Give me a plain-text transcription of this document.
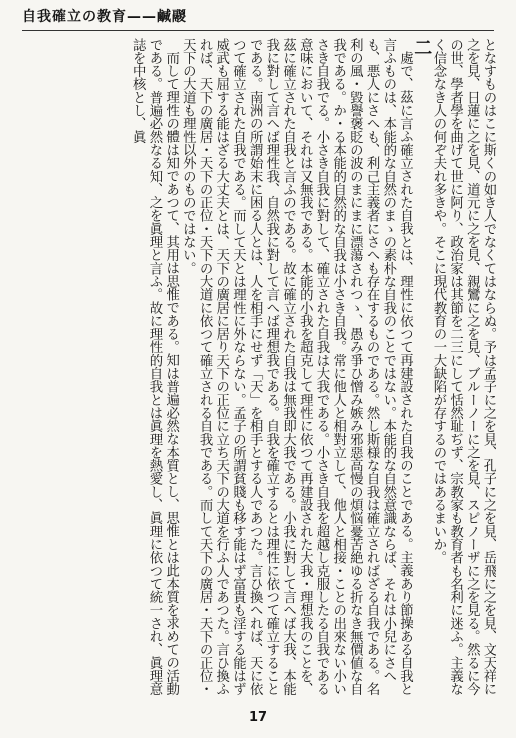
自我確立の教育——鹹鬷

となすものはこに斯くの如き人でなくてはならぬ。予は孟子に之を見、孔子に之を見、岳飛に之を見、文天祥に之を見、日蓮に之を見、道元に之を見、親鸞に之を見、ブルーノーに之を見、スピノーザに之を見る。然るに今の世、學者學を曲げて世に阿り、政治家は其節を二三にして恬然耻ぢず、宗教家も教育者も名利に迷ふ。主義なく信念なき人の何ぞ夫れ多きや。そこに現代教育の一大缺陷が存するのではあるまいか。

二

處で、茲に言ふ確立された自我とは、理性に依つて再建設された自我のことである。主義あり節操ある自我と言ふものは、本能的な自然のまゝの素朴な自我のことではない。本能的な自然意識ならば、それは小兒にさへも、悪人にさへも、利己主義者にさへも存在するものである。然し斯様な自我は確立さればざる自我である。名利の風・毀譽褒貶の波のまにまに漂蕩されつゝ、愚み爭ひ憎み嫉み邪惡高慢の煩悩憂苦絶ゆる折なき無價値な自我である。か・る本能的自然的な自我は小さき自我。常に他人と相對立して、他人と相接・ことの出來ない小いさき自我でる。小さき自我に對して、確立された自我は大我である。小さき自我を超越し克服したる自我である意味において、それは又無我である。本能的小我を超克して理性に依つて再建設された大我・理想我のことを、茲に確立された自我と言ふのである。故に確立された自我は無我即大我である。小我に對して言へば大我、本能我に對して言へば理性我、自然我に對して言へば理想我である。自我を確立するとは理性に依つて確立することである。南洲の所謂始末に困る人とは、人を相手にせず「天」を相手とする人であつた。言ひ換へれば、天に依つて確立された自我である。而して天とは理性に外ならない。孟子の所謂貧賤も移す能はず富貴も淫する能はず威武も屈する能はざる大丈夫とは、天下の廣居に居り天下の正位に立ち天下の大道を行ふ人であつた。言ひ換ふれば、天下の廣居・天下の正位・天下の大道に依つて確立される自我である。而して天下の廣居・天下の正位・天下の大道も理性以外のものではない。

而して理性の體は知であつて、其用は思惟である。知は普遍必然な本質とし、思惟とは此本質を求めての活動である。普遍必然なる知、之を眞理と言ふ。故に理性的自我とは眞理を熱愛し、眞理に依つて統一され、眞理意誌を中核とし、眞

17
